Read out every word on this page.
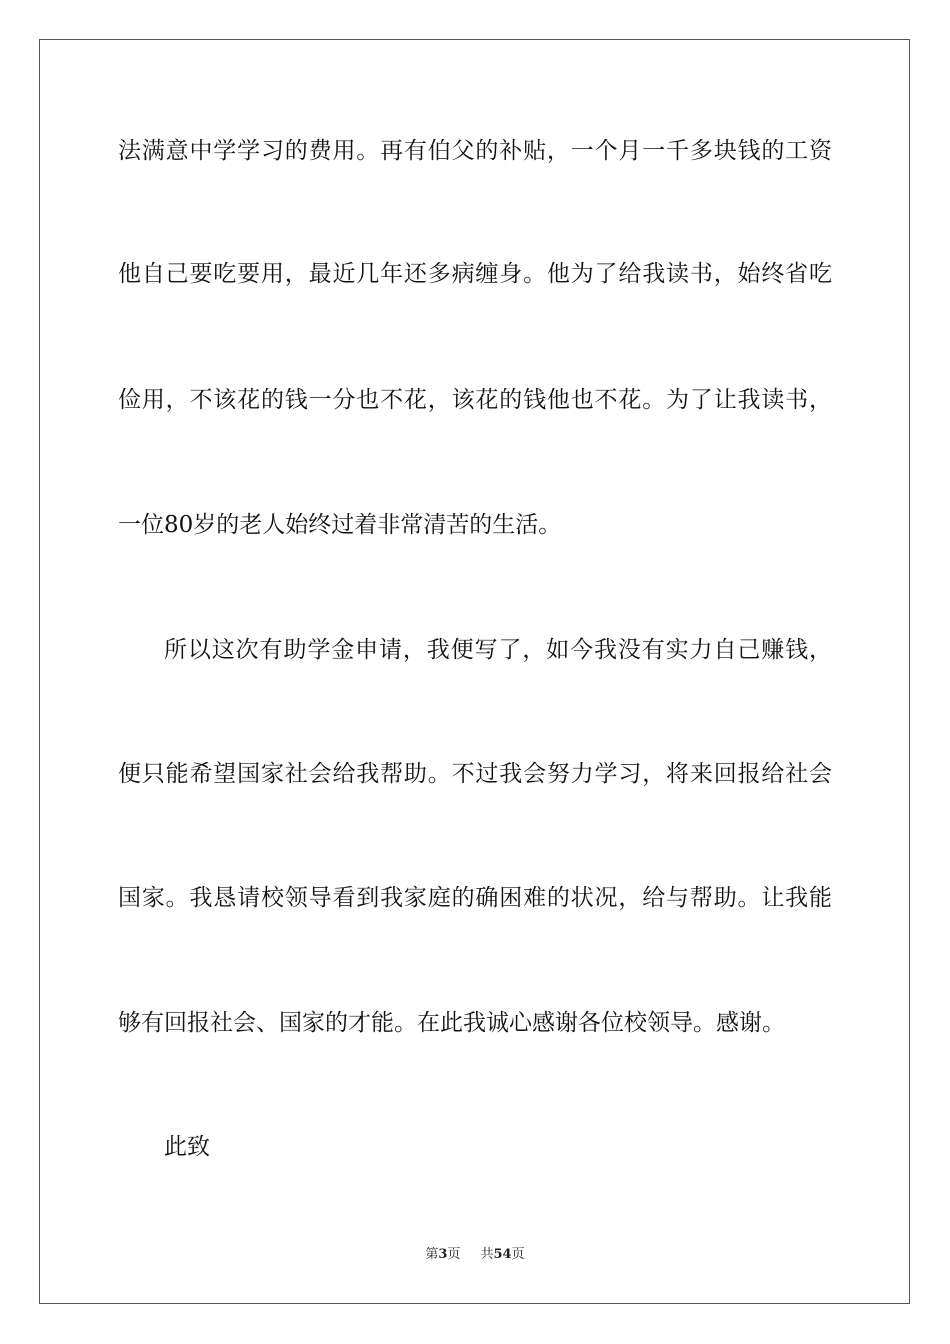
法满意中学学习的费用。再有伯父的补贴，一个月一千多块钱的工资
他自己要吃要用，最近几年还多病缠身。他为了给我读书，始终省吃
俭用，不该花的钱一分也不花，该花的钱他也不花。为了让我读书，
一位80岁的老人始终过着非常清苦的生活。
所以这次有助学金申请，我便写了，如今我没有实力自己赚钱，
便只能希望国家社会给我帮助。不过我会努力学习，将来回报给社会
国家。我恳请校领导看到我家庭的确困难的状况，给与帮助。让我能
够有回报社会、国家的才能。在此我诚心感谢各位校领导。感谢。
此致
第3页 共54页
